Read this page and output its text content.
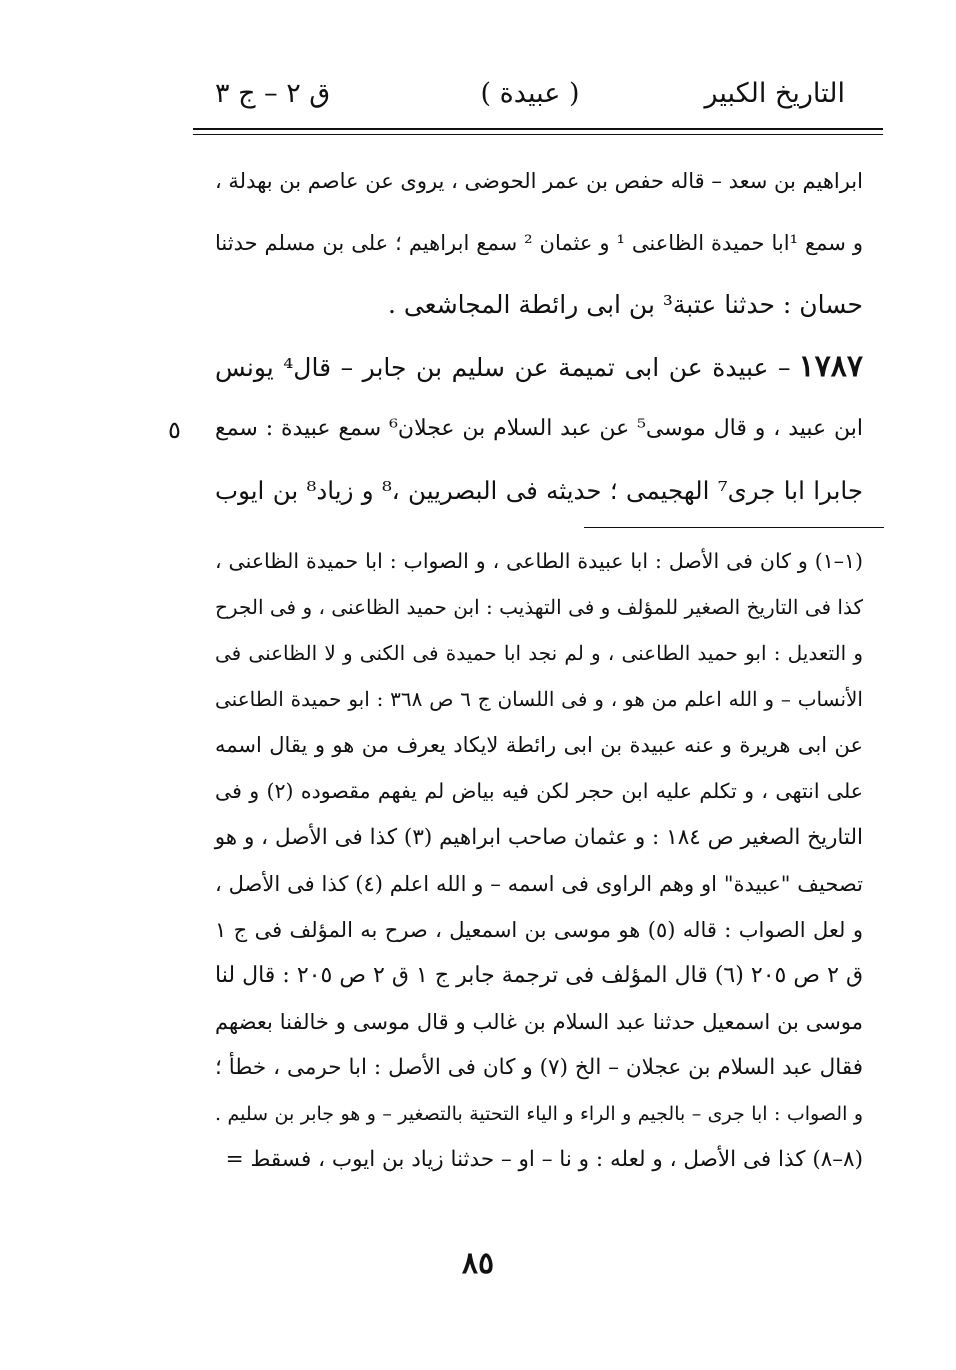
التاريخ الكبير
( عبيدة )
ق ٢ – ج ٣
٥
ابراهيم بن سعد – قاله حفص بن عمر الحوضى ، يروى عن عاصم بن بهدلة ،
و سمع ¹ابا حميدة الظاعنى ¹ و عثمان ² سمع ابراهيم ؛ على بن مسلم حدثنا
حسان : حدثنا عتبة³ بن ابى رائطة المجاشعى .
١٧٨٧– عبيدة عن ابى تميمة عن سليم بن جابر – قال⁴ يونس
ابن عبيد ، و قال موسى⁵ عن عبد السلام بن عجلان⁶ سمع عبيدة : سمع
جابرا ابا جرى⁷ الهجيمى ؛ حديثه فى البصريين ،⁸ و زياد⁸ بن ايوب
(١–١) و كان فى الأصل : ابا عبيدة الطاعى ، و الصواب : ابا حميدة الظاعنى ،
كذا فى التاريخ الصغير للمؤلف و فى التهذيب : ابن حميد الظاعنى ، و فى الجرح
و التعديل : ابو حميد الطاعنى ، و لم نجد ابا حميدة فى الكنى و لا الظاعنى فى
الأنساب – و الله اعلم من هو ، و فى اللسان ج ٦ ص ٣٦٨ : ابو حميدة الطاعنى
عن ابى هريرة و عنه عبيدة بن ابى رائطة لايكاد يعرف من هو و يقال اسمه
على انتهى ، و تكلم عليه ابن حجر لكن فيه بياض لم يفهم مقصوده (٢) و فى
التاريخ الصغير ص ١٨٤ : و عثمان صاحب ابراهيم (٣) كذا فى الأصل ، و هو
تصحيف "عبيدة" او وهم الراوى فى اسمه – و الله اعلم (٤) كذا فى الأصل ،
و لعل الصواب : قاله (٥) هو موسى بن اسمعيل ، صرح به المؤلف فى ج ١
ق ٢ ص ٢٠٥ (٦) قال المؤلف فى ترجمة جابر ج ١ ق ٢ ص ٢٠٥ : قال لنا
موسى بن اسمعيل حدثنا عبد السلام بن غالب و قال موسى و خالفنا بعضهم
فقال عبد السلام بن عجلان – الخ (٧) و كان فى الأصل : ابا حرمى ، خطأ ؛
و الصواب : ابا جرى – بالجيم و الراء و الياء التحتية بالتصغير – و هو جابر بن سليم .
(٨–٨) كذا فى الأصل ، و لعله : و نا – او – حدثنا زياد بن ايوب ، فسقط =
٨٥
